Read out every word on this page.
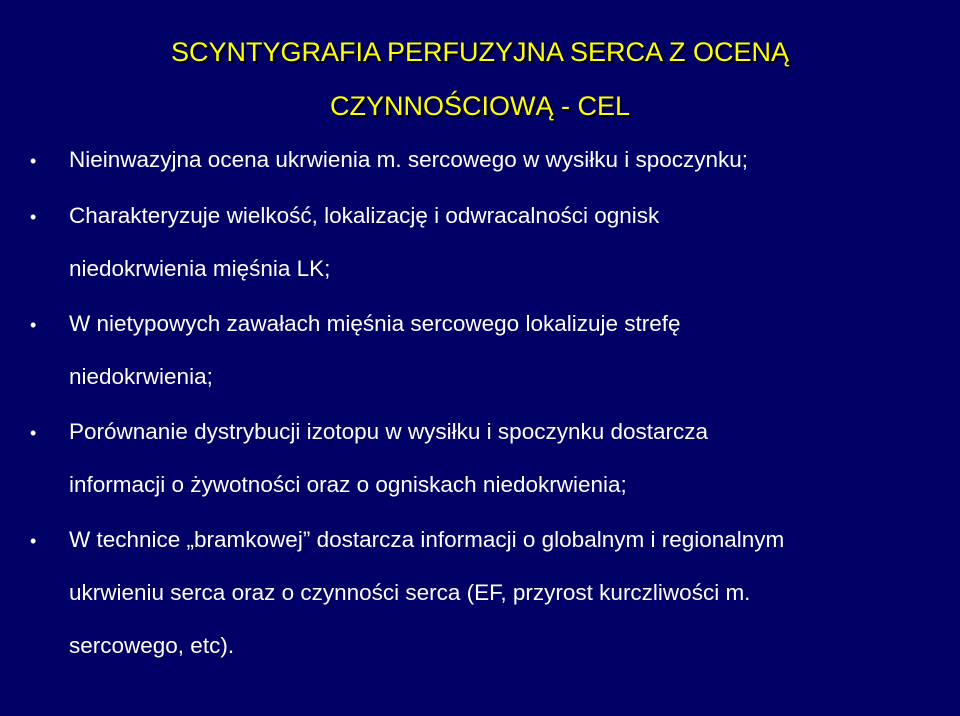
SCYNTYGRAFIA PERFUZYJNA SERCA Z OCENĄ
CZYNNOŚCIOWĄ - CEL
• Nieinwazyjna ocena ukrwienia m. sercowego w wysiłku i spoczynku;
• Charakteryzuje wielkość, lokalizację i odwracalności ognisk
niedokrwienia mięśnia LK;
• W nietypowych zawałach mięśnia sercowego lokalizuje strefę
niedokrwienia;
• Porównanie dystrybucji izotopu w wysiłku i spoczynku dostarcza
informacji o żywotności oraz o ogniskach niedokrwienia;
• W technice „bramkowej” dostarcza informacji o globalnym i regionalnym
ukrwieniu serca oraz o czynności serca (EF, przyrost kurczliwości m.
sercowego, etc).
